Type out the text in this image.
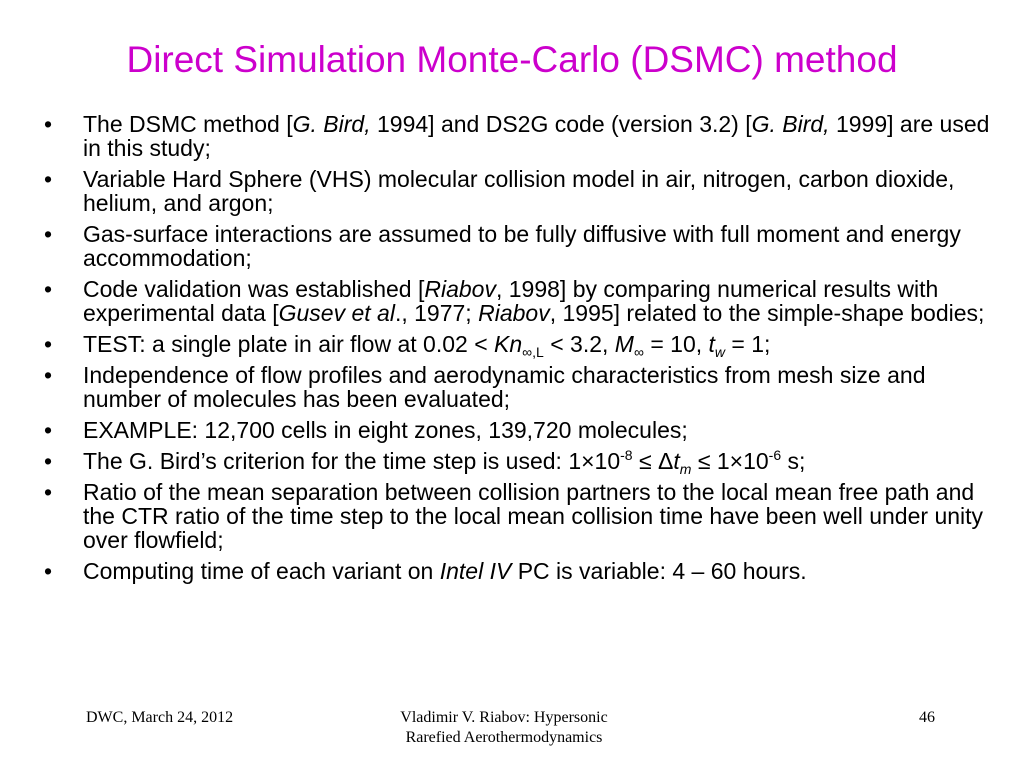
Direct Simulation Monte-Carlo (DSMC) method
• The DSMC method [G. Bird, 1994] and DS2G code (version 3.2) [G. Bird, 1999] are used in this study;
• Variable Hard Sphere (VHS) molecular collision model in air, nitrogen, carbon dioxide, helium, and argon;
• Gas-surface interactions are assumed to be fully diffusive with full moment and energy accommodation;
• Code validation was established [Riabov, 1998] by comparing numerical results with experimental data [Gusev et al., 1977; Riabov, 1995] related to the simple-shape bodies;
• TEST: a single plate in air flow at $0.02 < Kn_{\infty,L} < 3.2$, $M_\infty = 10$, $t_w = 1$;
• Independence of flow profiles and aerodynamic characteristics from mesh size and number of molecules has been evaluated;
• EXAMPLE: 12,700 cells in eight zones, 139,720 molecules;
• The G. Bird’s criterion for the time step is used: $1\times 10^{-8} \le \Delta t_m \le 1\times 10^{-6}$ s;
• Ratio of the mean separation between collision partners to the local mean free path and the CTR ratio of the time step to the local mean collision time have been well under unity over flowfield;
• Computing time of each variant on Intel IV PC is variable: 4 – 60 hours.
DWC, March 24, 2012	Vladimir V. Riabov: Hypersonic
Rarefied Aerothermodynamics
46
